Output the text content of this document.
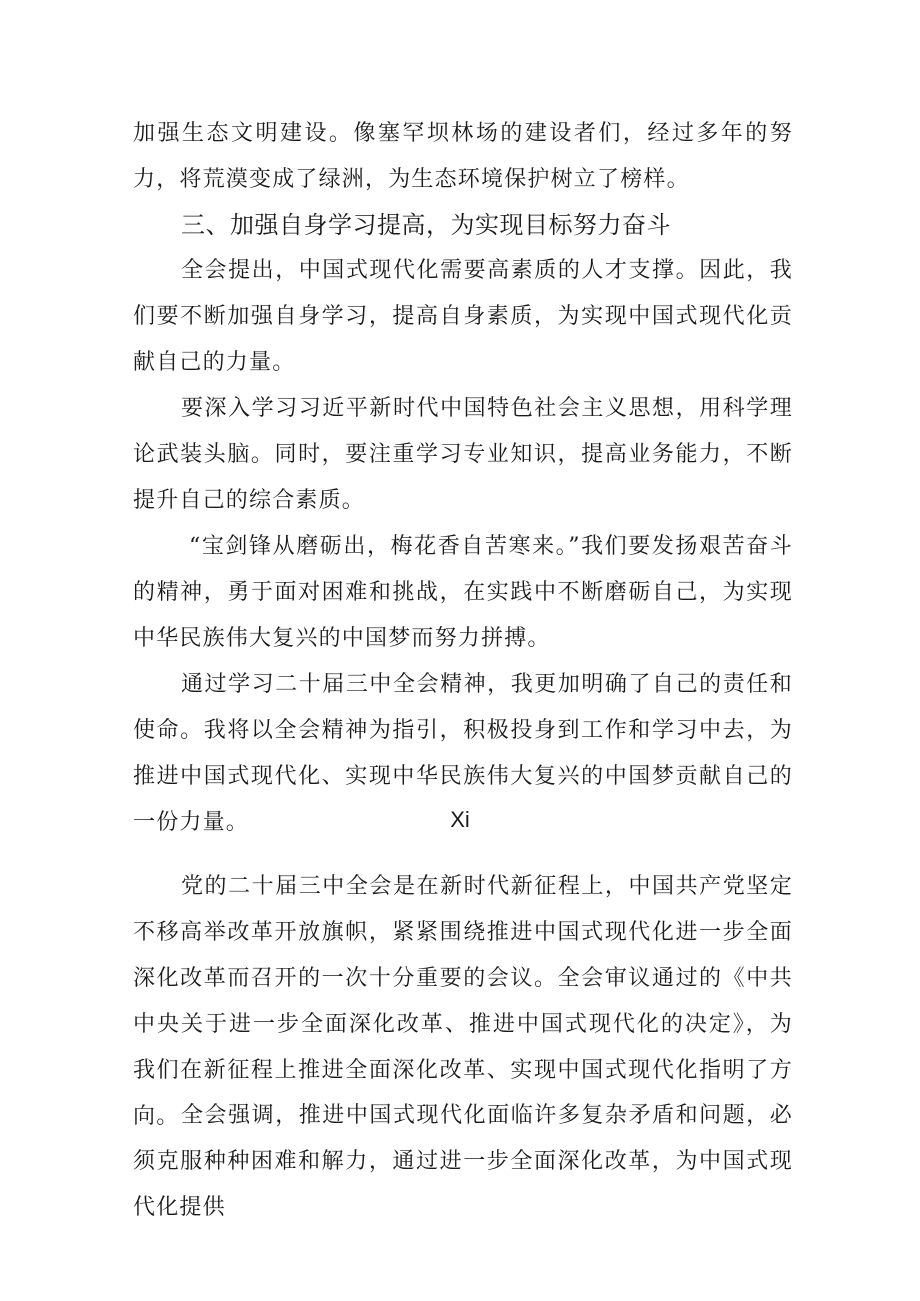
加强生态文明建设。像塞罕坝林场的建设者们，经过多年的努力，将荒漠变成了绿洲，为生态环境保护树立了榜样。

三、加强自身学习提高，为实现目标努力奋斗

全会提出，中国式现代化需要高素质的人才支撑。因此，我们要不断加强自身学习，提高自身素质，为实现中国式现代化贡献自己的力量。

要深入学习习近平新时代中国特色社会主义思想，用科学理论武装头脑。同时，要注重学习专业知识，提高业务能力，不断提升自己的综合素质。

“宝剑锋从磨砺出，梅花香自苦寒来。”我们要发扬艰苦奋斗的精神，勇于面对困难和挑战，在实践中不断磨砺自己，为实现中华民族伟大复兴的中国梦而努力拼搏。

通过学习二十届三中全会精神，我更加明确了自己的责任和使命。我将以全会精神为指引，积极投身到工作和学习中去，为推进中国式现代化、实现中华民族伟大复兴的中国梦贡献自己的一份力量。	Xi

党的二十届三中全会是在新时代新征程上，中国共产党坚定不移高举改革开放旗帜，紧紧围绕推进中国式现代化进一步全面深化改革而召开的一次十分重要的会议。全会审议通过的《中共中央关于进一步全面深化改革、推进中国式现代化的决定》，为我们在新征程上推进全面深化改革、实现中国式现代化指明了方向。 全会强调，推进中国式现代化面临许多复杂矛盾和问题，必须克服种种困难和解力，通过进一步全面深化改革，为中国式现代化提供
